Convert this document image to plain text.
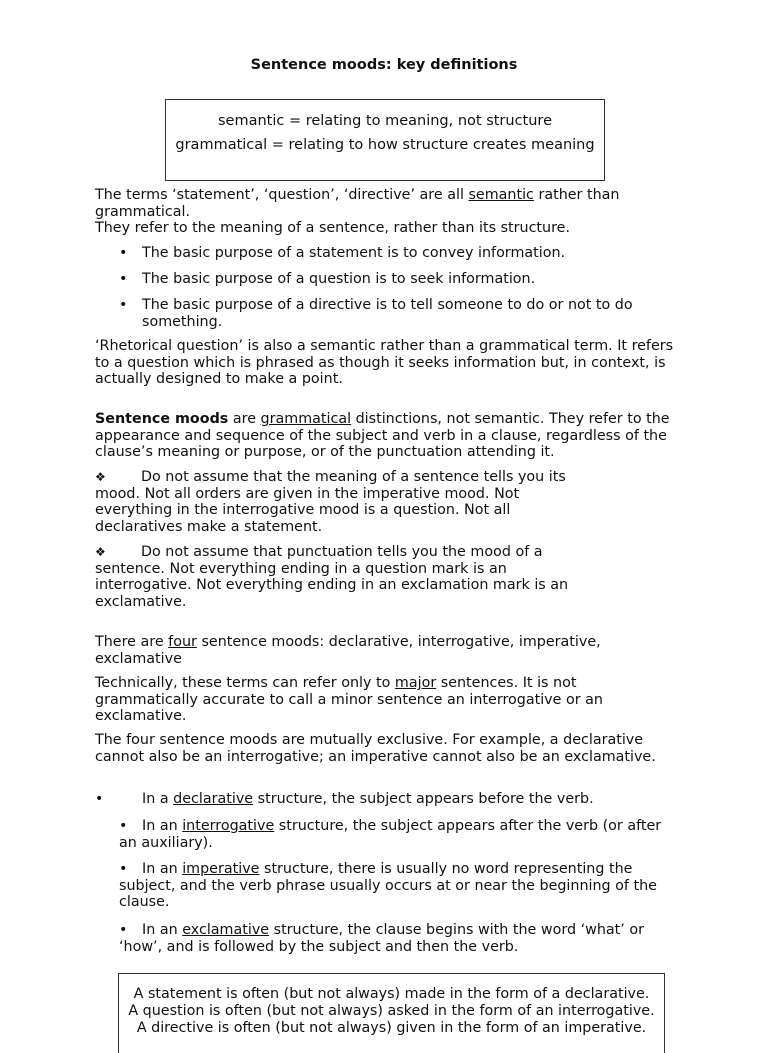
Sentence moods: key definitions
semantic = relating to meaning, not structure
grammatical = relating to how structure creates meaning
The terms ‘statement’, ‘question’, ‘directive’ are all semantic rather than
grammatical.
They refer to the meaning of a sentence, rather than its structure.
• The basic purpose of a statement is to convey information.
• The basic purpose of a question is to seek information.
• The basic purpose of a directive is to tell someone to do or not to do something.
‘Rhetorical question’ is also a semantic rather than a grammatical term. It refers to a question which is phrased as though it seeks information but, in context, is actually designed to make a point.
Sentence moods are grammatical distinctions, not semantic. They refer to the appearance and sequence of the subject and verb in a clause, regardless of the clause’s meaning or purpose, or of the punctuation attending it.
❖ Do not assume that the meaning of a sentence tells you its mood. Not all orders are given in the imperative mood. Not everything in the interrogative mood is a question. Not all declaratives make a statement.
❖ Do not assume that punctuation tells you the mood of a sentence. Not everything ending in a question mark is an interrogative. Not everything ending in an exclamation mark is an exclamative.
There are four sentence moods: declarative, interrogative, imperative, exclamative
Technically, these terms can refer only to major sentences. It is not grammatically accurate to call a minor sentence an interrogative or an exclamative.
The four sentence moods are mutually exclusive. For example, a declarative cannot also be an interrogative; an imperative cannot also be an exclamative.
•	In a declarative structure, the subject appears before the verb.
• In an interrogative structure, the subject appears after the verb (or after an auxiliary).
• In an imperative structure, there is usually no word representing the subject, and the verb phrase usually occurs at or near the beginning of the clause.
• In an exclamative structure, the clause begins with the word ‘what’ or ‘how’, and is followed by the subject and then the verb.
A statement is often (but not always) made in the form of a declarative.
A question is often (but not always) asked in the form of an interrogative.
A directive is often (but not always) given in the form of an imperative.
